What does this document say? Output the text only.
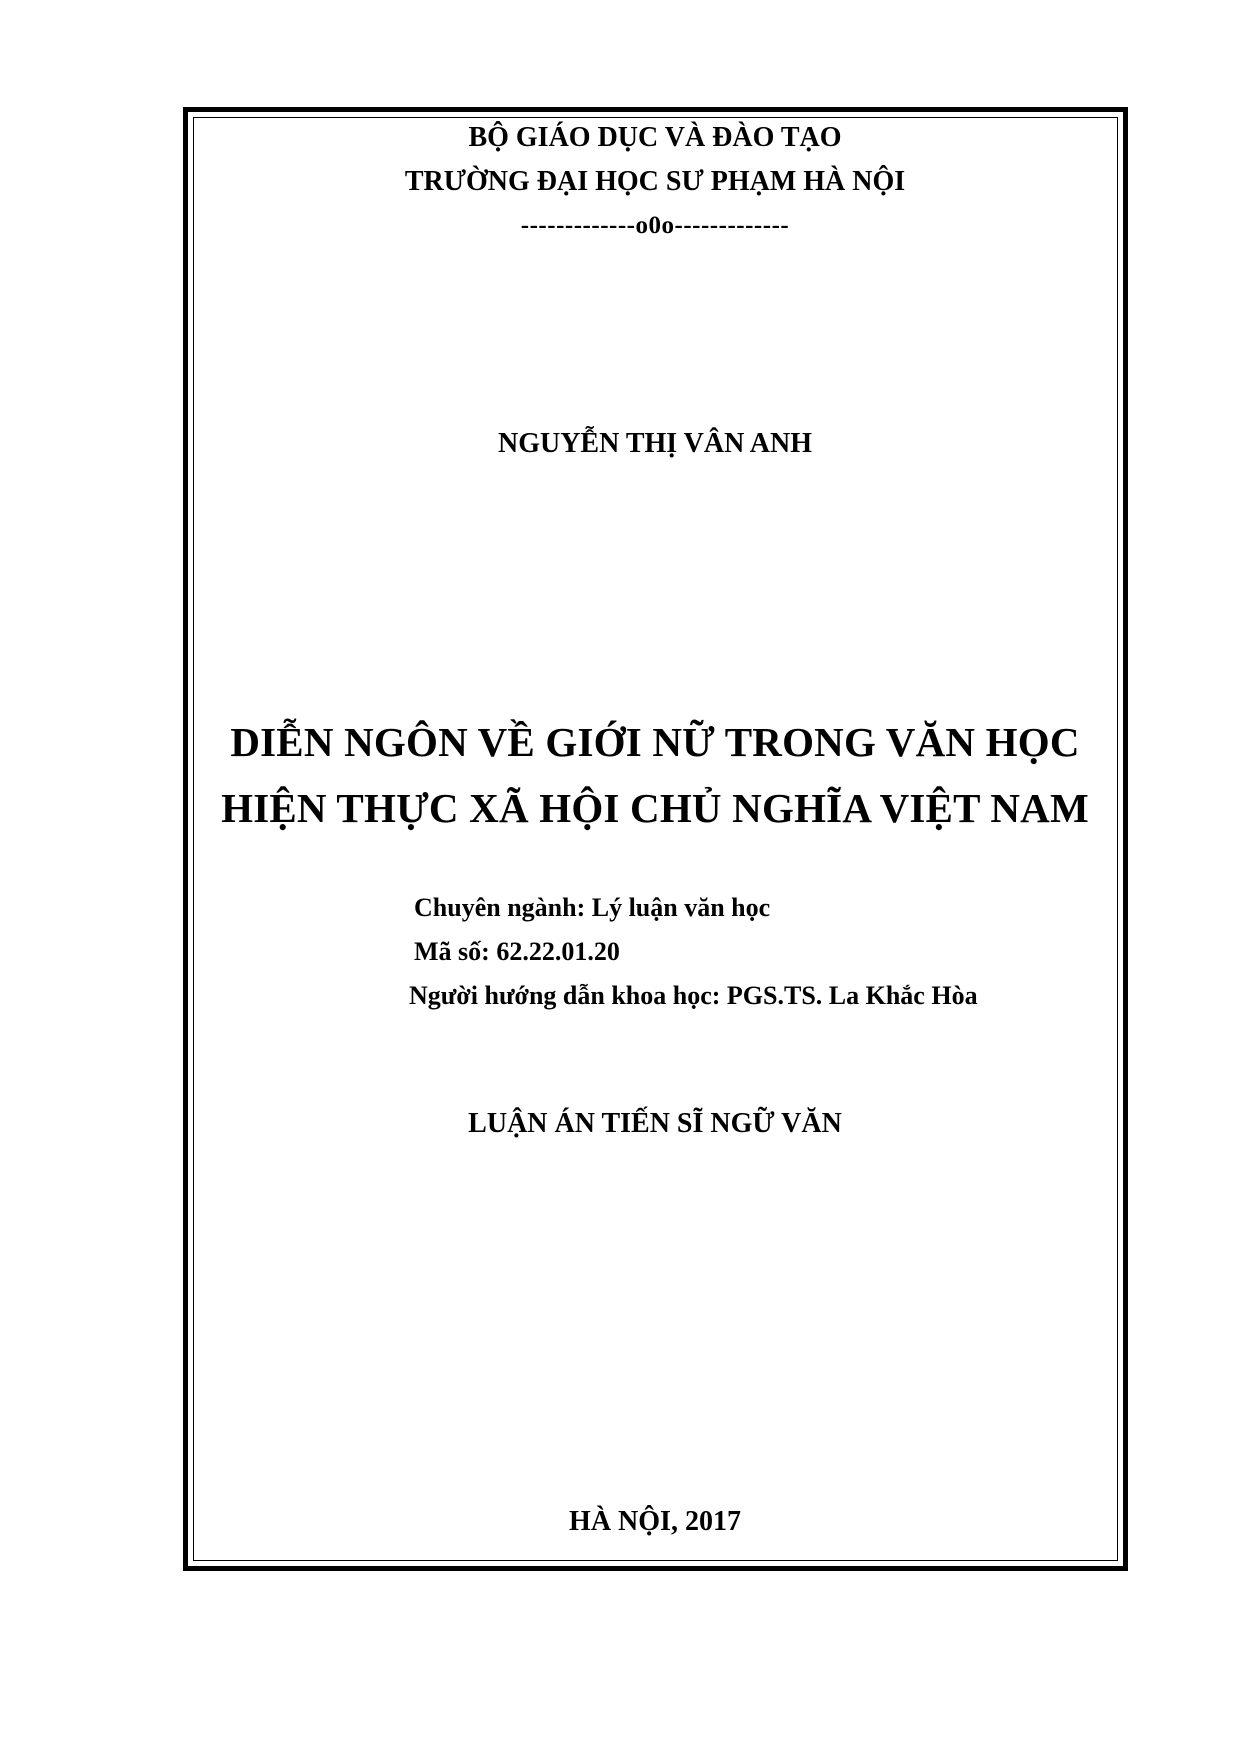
BỘ GIÁO DỤC VÀ ĐÀO TẠO
TRƯỜNG ĐẠI HỌC SƯ PHẠM HÀ NỘI
-------------o0o-------------
NGUYỄN THỊ VÂN ANH
DIỄN NGÔN VỀ GIỚI NỮ TRONG VĂN HỌC
HIỆN THỰC XÃ HỘI CHỦ NGHĨA VIỆT NAM
Chuyên ngành: Lý luận văn học
Mã số: 62.22.01.20
Người hướng dẫn khoa học: PGS.TS. La Khắc Hòa
LUẬN ÁN TIẾN SĨ NGỮ VĂN
HÀ NỘI, 2017
